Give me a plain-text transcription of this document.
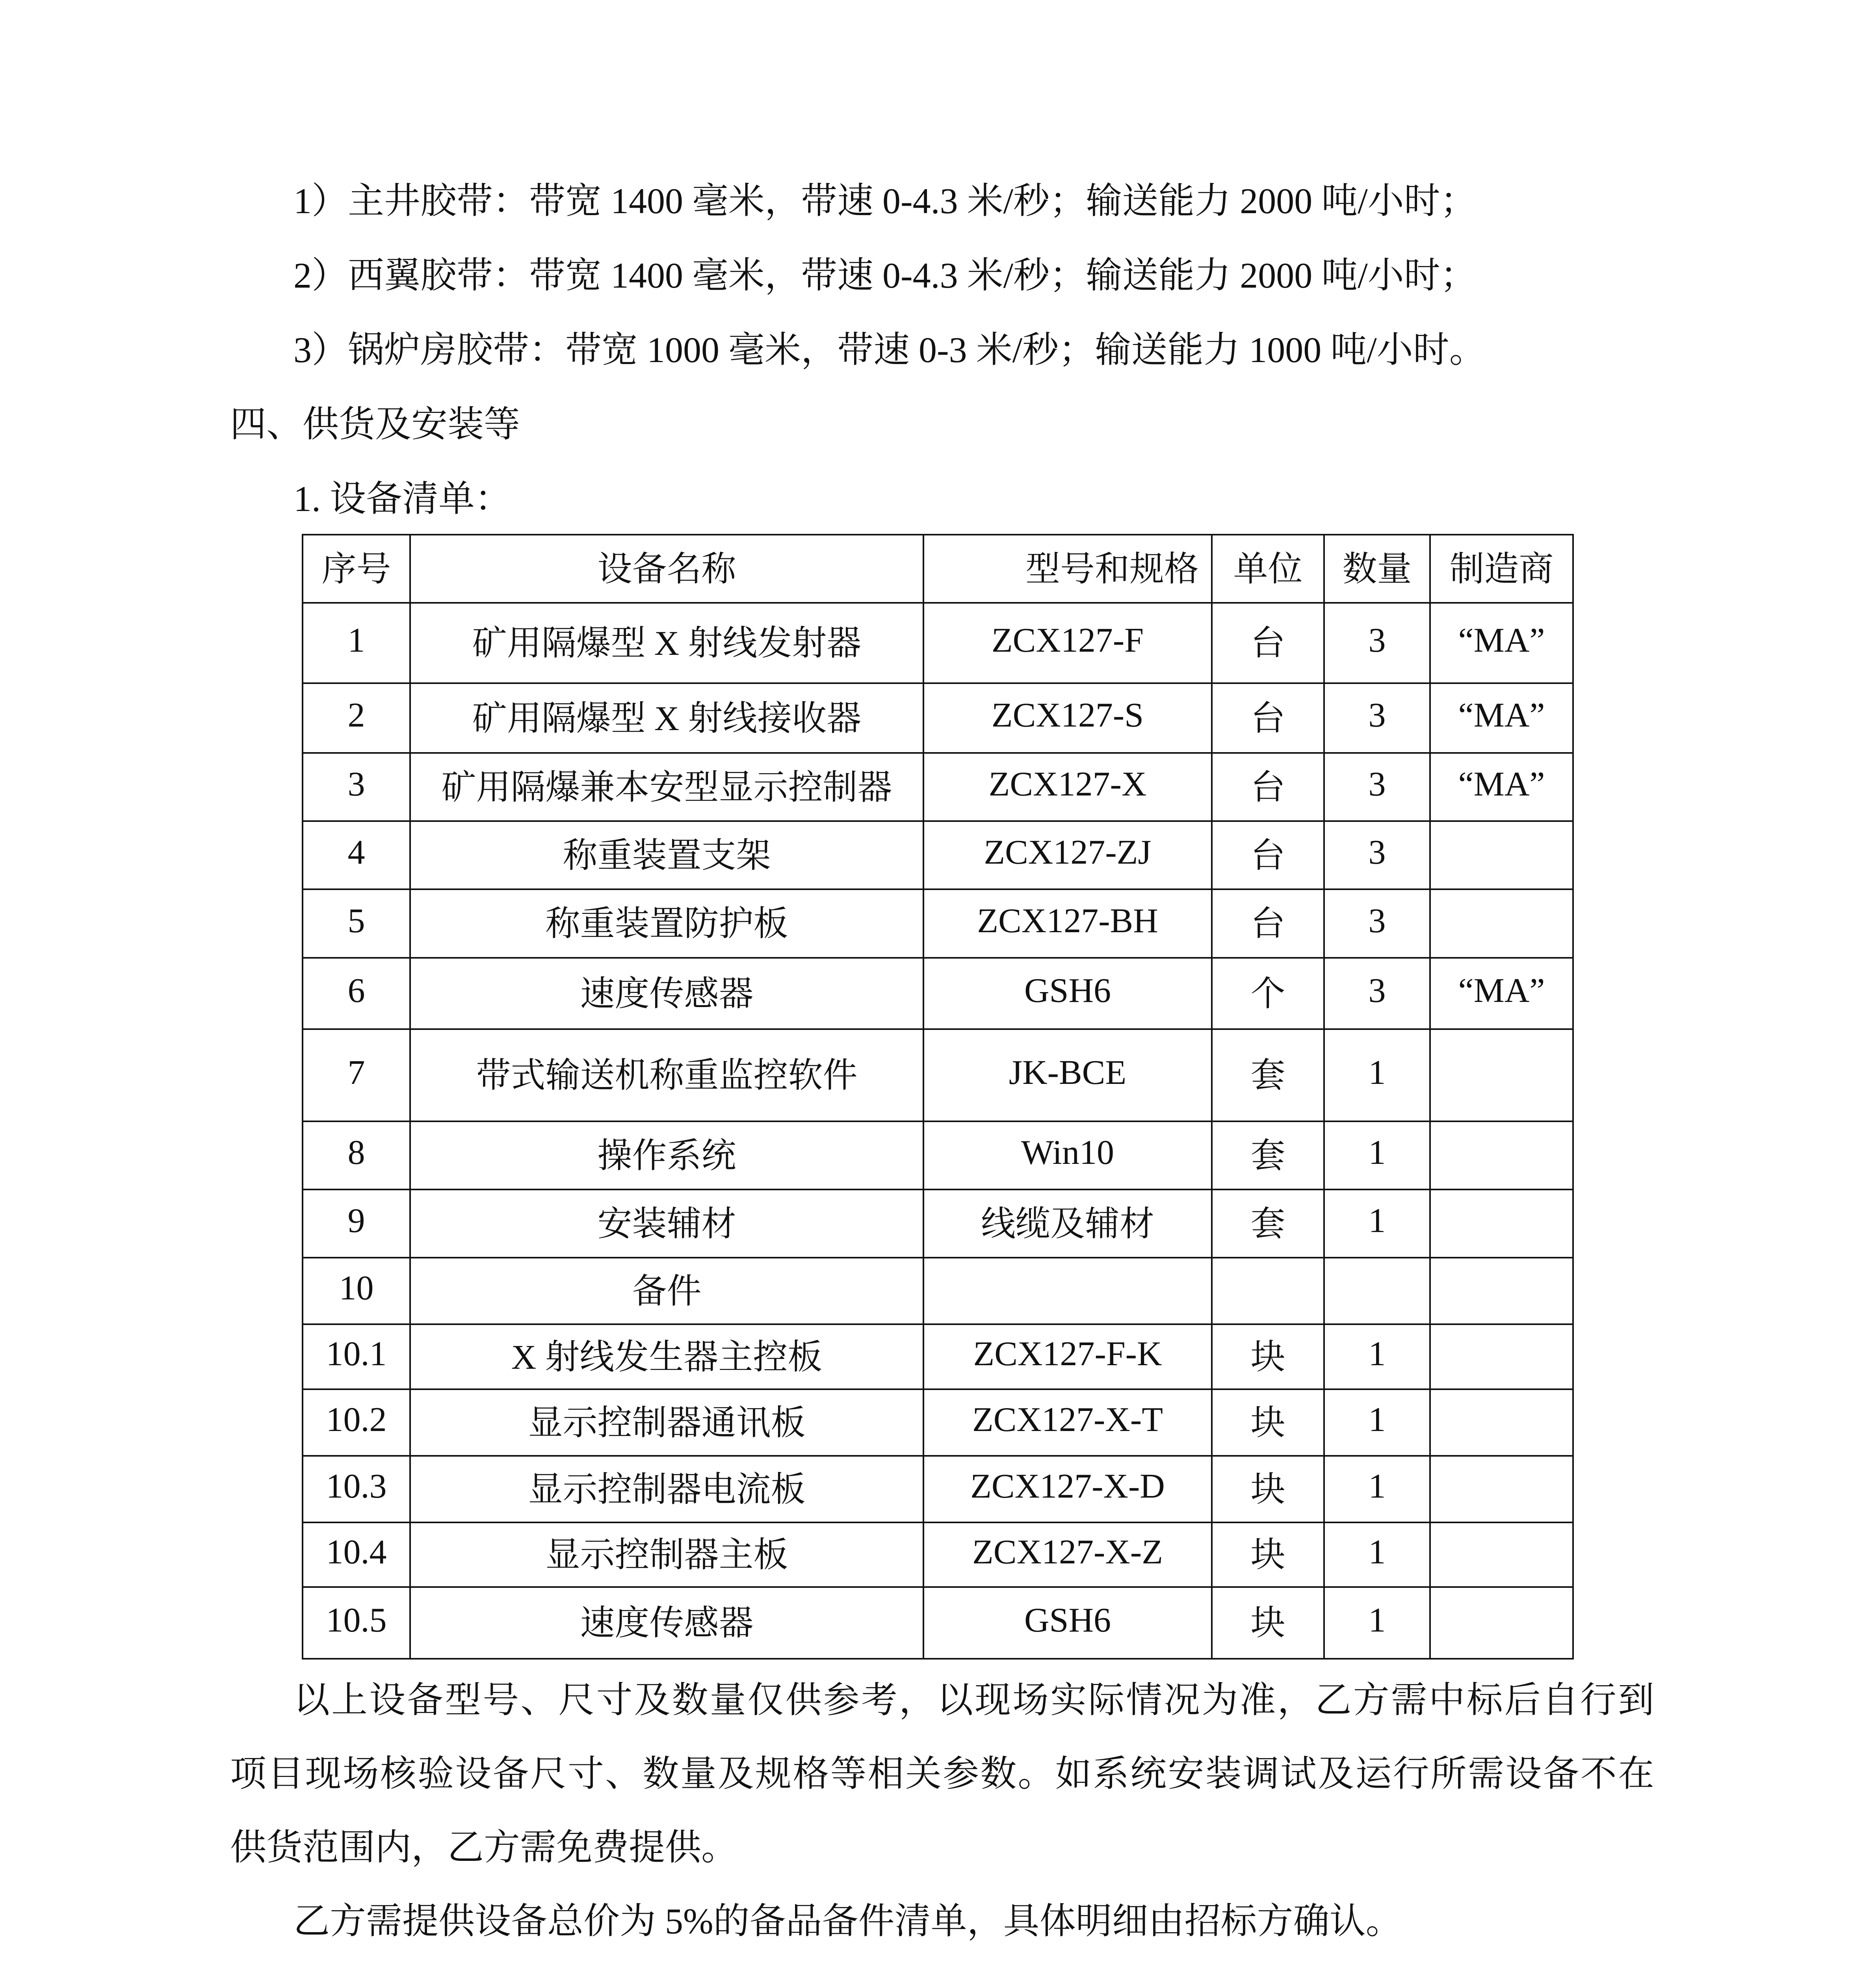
1）主井胶带：带宽 1400 毫米，带速 0-4.3 米/秒；输送能力 2000 吨/小时；
2）西翼胶带：带宽 1400 毫米，带速 0-4.3 米/秒；输送能力 2000 吨/小时；
3）锅炉房胶带：带宽 1000 毫米，带速 0-3 米/秒；输送能力 1000 吨/小时。
四、供货及安装等
1. 设备清单：
序号	设备名称	型号和规格	单位	数量	制造商
1	矿用隔爆型 X 射线发射器	ZCX127-F	台	3	“MA”
2	矿用隔爆型 X 射线接收器	ZCX127-S	台	3	“MA”
3	矿用隔爆兼本安型显示控制器	ZCX127-X	台	3	“MA”
4	称重装置支架	ZCX127-ZJ	台	3	
5	称重装置防护板	ZCX127-BH	台	3	
6	速度传感器	GSH6	个	3	“MA”
7	带式输送机称重监控软件	JK-BCE	套	1	
8	操作系统	Win10	套	1	
9	安装辅材	线缆及辅材	套	1	
10	备件				
10.1	X 射线发生器主控板	ZCX127-F-K	块	1	
10.2	显示控制器通讯板	ZCX127-X-T	块	1	
10.3	显示控制器电流板	ZCX127-X-D	块	1	
10.4	显示控制器主板	ZCX127-X-Z	块	1	
10.5	速度传感器	GSH6	块	1	
以上设备型号、尺寸及数量仅供参考，以现场实际情况为准，乙方需中标后自行到
项目现场核验设备尺寸、数量及规格等相关参数。如系统安装调试及运行所需设备不在
供货范围内，乙方需免费提供。
乙方需提供设备总价为 5%的备品备件清单，具体明细由招标方确认。
